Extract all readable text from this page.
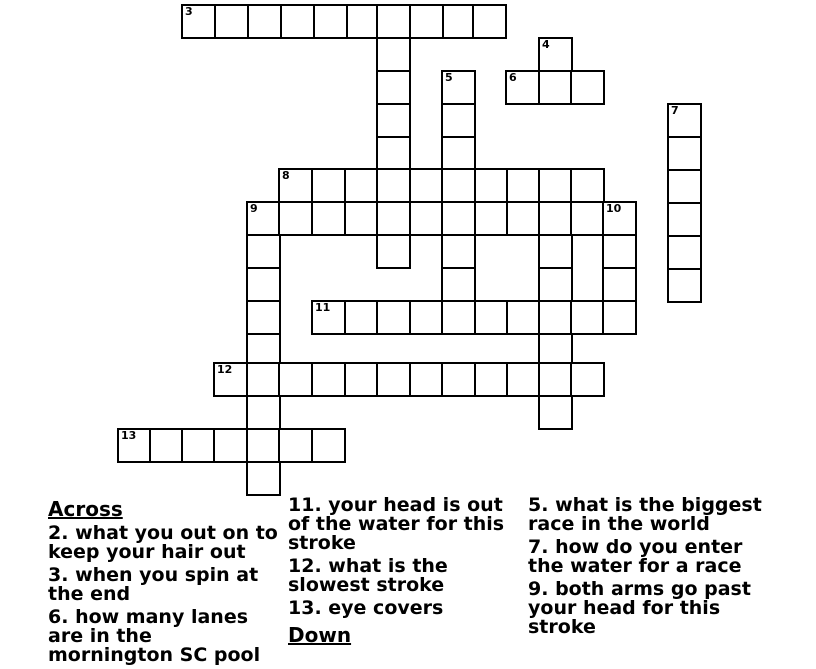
3
4
5	6
7
8
9	10
11
12
13
Across
2. what you out on to keep your hair out
3. when you spin at the end
6. how many lanes are in the mornington SC pool
11. your head is out of the water for this stroke
12. what is the slowest stroke
13. eye covers
Down
5. what is the biggest race in the world
7. how do you enter the water for a race
9. both arms go past your head for this stroke
